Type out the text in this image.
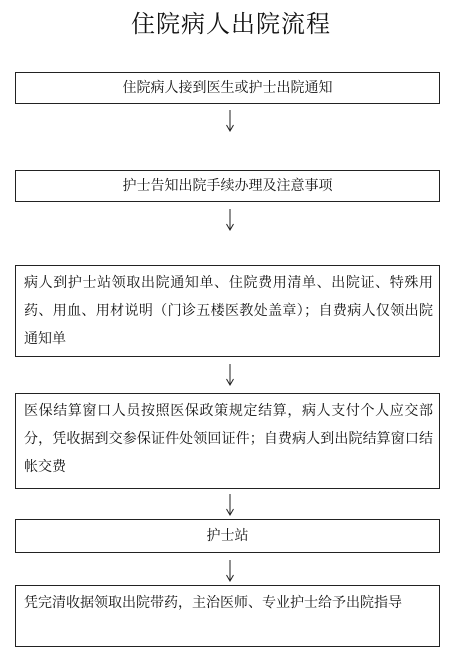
住院病人出院流程
住院病人接到医生或护士出院通知
护士告知出院手续办理及注意事项
病人到护士站领取出院通知单、住院费用清单、出院证、特殊用药、用血、用材说明（门诊五楼医教处盖章）；自费病人仅领出院通知单
医保结算窗口人员按照医保政策规定结算，病人支付个人应交部分，凭收据到交参保证件处领回证件；自费病人到出院结算窗口结帐交费
护士站
凭完清收据领取出院带药，主治医师、专业护士给予出院指导
